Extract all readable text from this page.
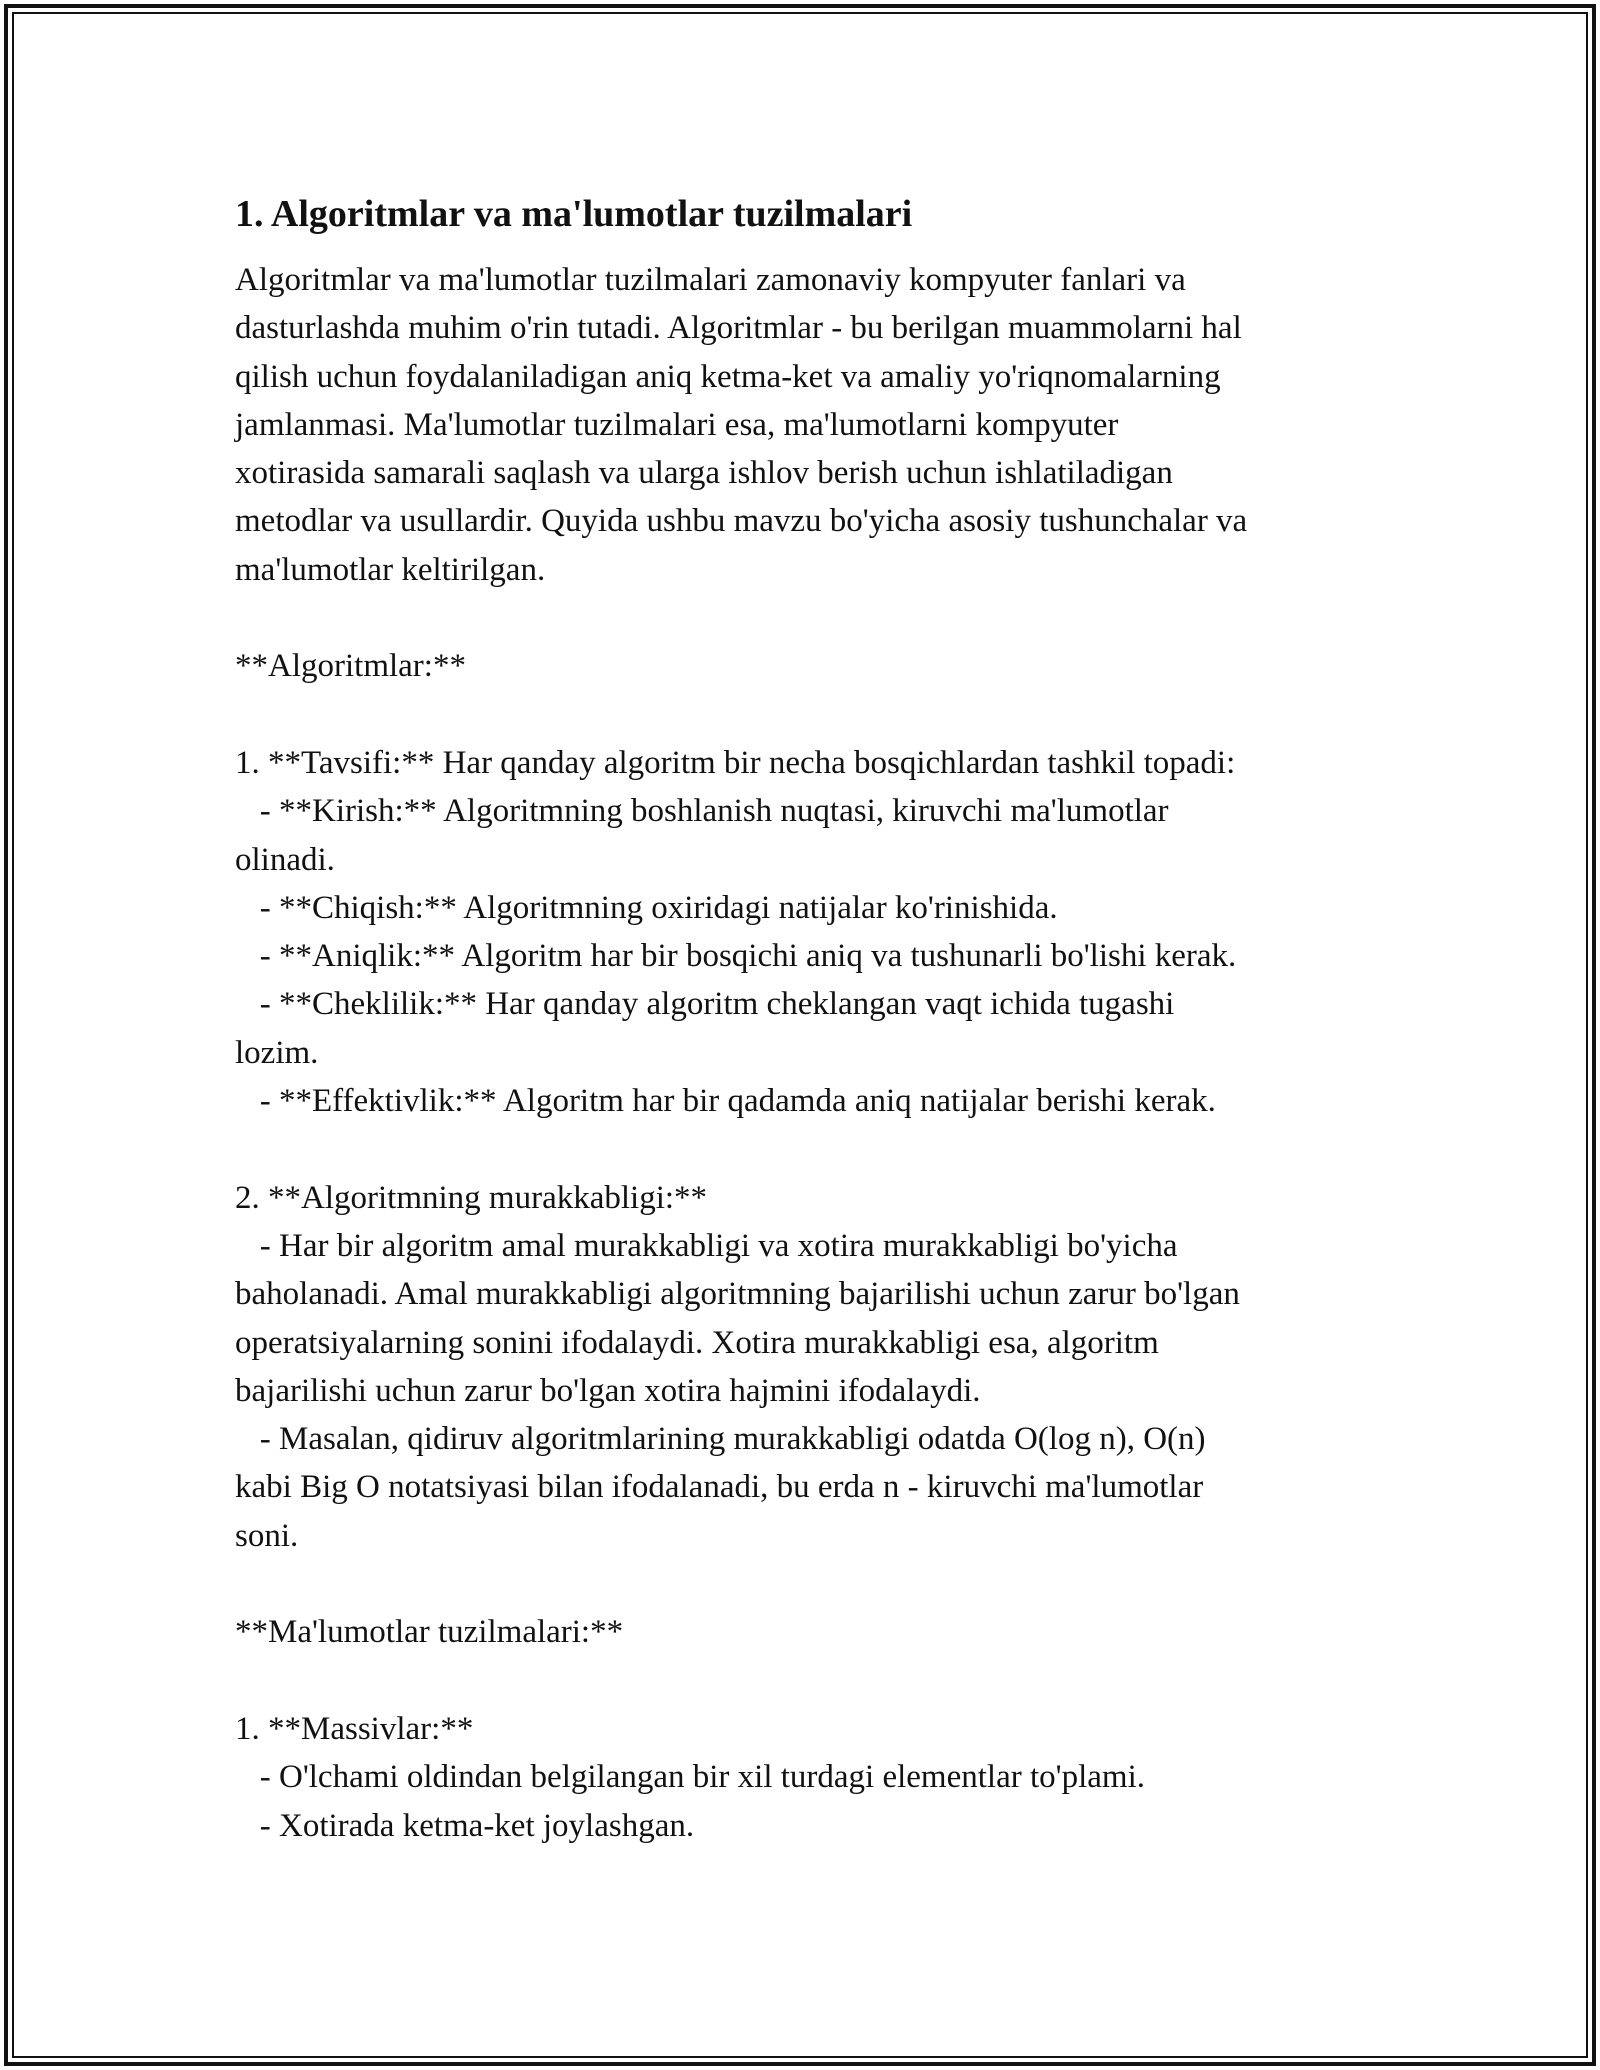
1. Algoritmlar va ma'lumotlar tuzilmalari
Algoritmlar va ma'lumotlar tuzilmalari zamonaviy kompyuter fanlari va
dasturlashda muhim o'rin tutadi. Algoritmlar - bu berilgan muammolarni hal
qilish uchun foydalaniladigan aniq ketma-ket va amaliy yo'riqnomalarning
jamlanmasi. Ma'lumotlar tuzilmalari esa, ma'lumotlarni kompyuter
xotirasida samarali saqlash va ularga ishlov berish uchun ishlatiladigan
metodlar va usullardir. Quyida ushbu mavzu bo'yicha asosiy tushunchalar va
ma'lumotlar keltirilgan.
**Algoritmlar:**
1. **Tavsifi:** Har qanday algoritm bir necha bosqichlardan tashkil topadi:
- **Kirish:** Algoritmning boshlanish nuqtasi, kiruvchi ma'lumotlar
olinadi.
- **Chiqish:** Algoritmning oxiridagi natijalar ko'rinishida.
- **Aniqlik:** Algoritm har bir bosqichi aniq va tushunarli bo'lishi kerak.
- **Cheklilik:** Har qanday algoritm cheklangan vaqt ichida tugashi
lozim.
- **Effektivlik:** Algoritm har bir qadamda aniq natijalar berishi kerak.
2. **Algoritmning murakkabligi:**
- Har bir algoritm amal murakkabligi va xotira murakkabligi bo'yicha
baholanadi. Amal murakkabligi algoritmning bajarilishi uchun zarur bo'lgan
operatsiyalarning sonini ifodalaydi. Xotira murakkabligi esa, algoritm
bajarilishi uchun zarur bo'lgan xotira hajmini ifodalaydi.
- Masalan, qidiruv algoritmlarining murakkabligi odatda O(log n), O(n)
kabi Big O notatsiyasi bilan ifodalanadi, bu erda n - kiruvchi ma'lumotlar
soni.
**Ma'lumotlar tuzilmalari:**
1. **Massivlar:**
- O'lchami oldindan belgilangan bir xil turdagi elementlar to'plami.
- Xotirada ketma-ket joylashgan.
